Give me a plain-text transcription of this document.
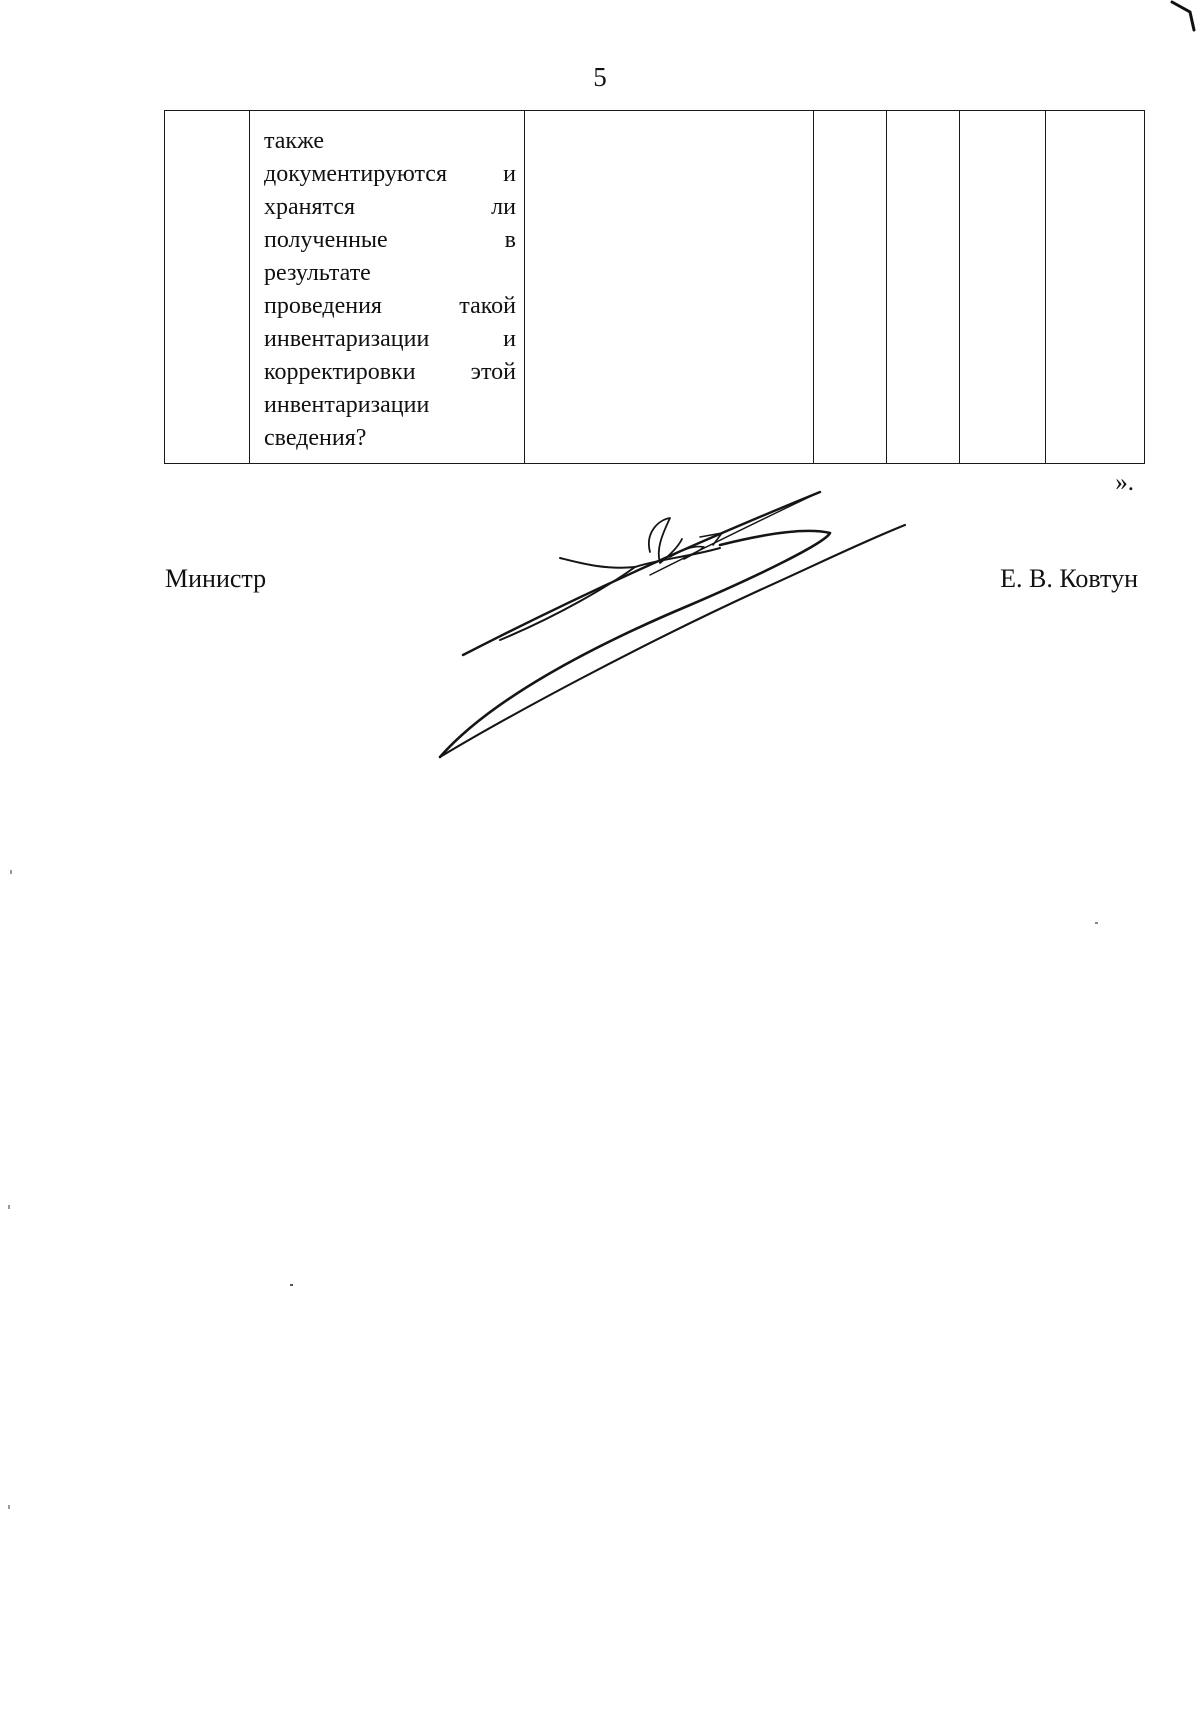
5

также
документируются и
хранятся	ли
полученные	в
результате
проведения	такой
инвентаризации	и
корректировки этой
инвентаризации
сведения?

».
Министр	Е. В. Ковтун
